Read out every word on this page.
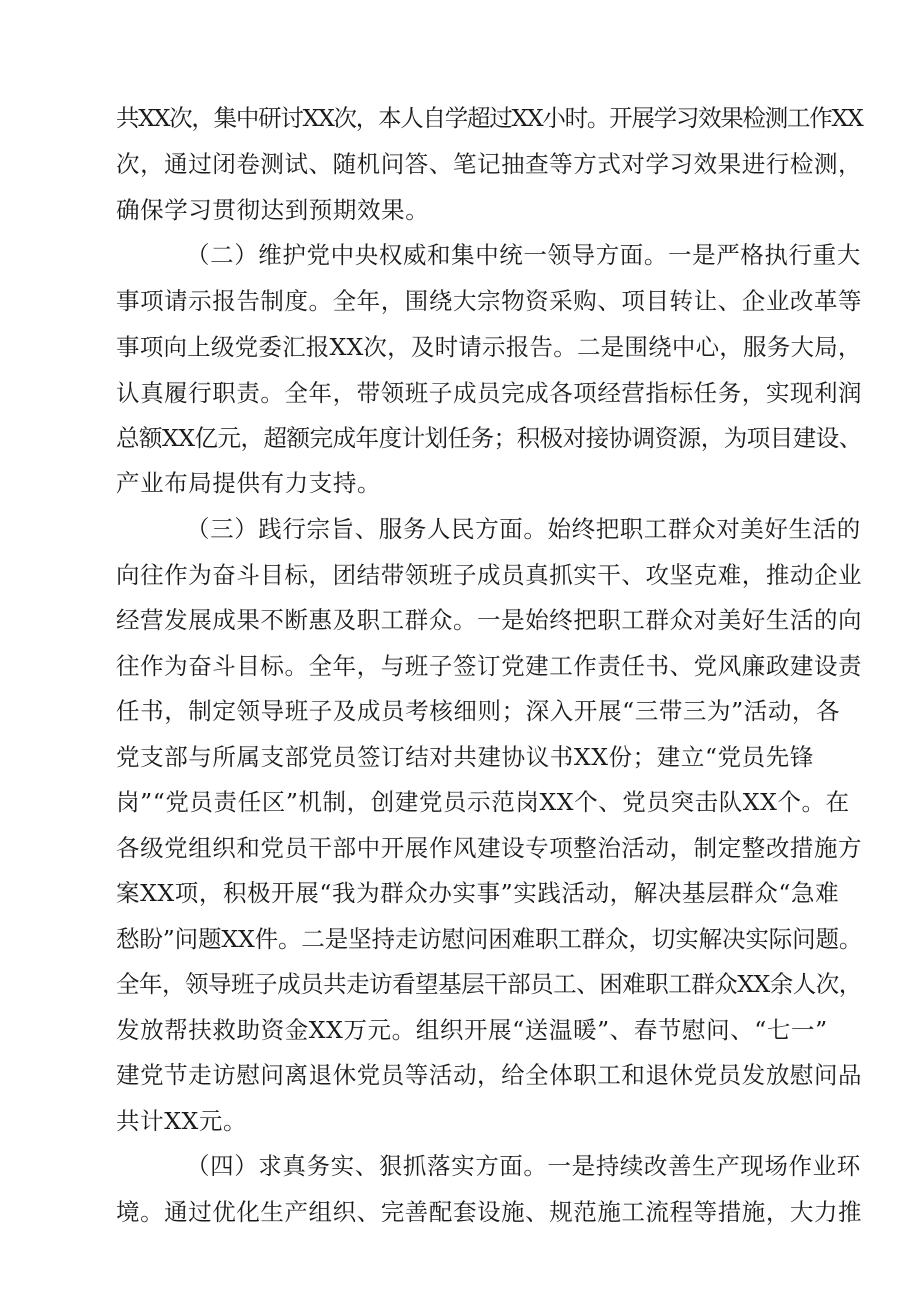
共XX次，集中研讨XX次，本人自学超过XX小时。开展学习效果检测工作XX
次，通过闭卷测试、随机问答、笔记抽查等方式对学习效果进行检测，
确保学习贯彻达到预期效果。
（二）维护党中央权威和集中统一领导方面。一是严格执行重大
事项请示报告制度。全年，围绕大宗物资采购、项目转让、企业改革等
事项向上级党委汇报XX次，及时请示报告。二是围绕中心，服务大局，
认真履行职责。全年，带领班子成员完成各项经营指标任务，实现利润
总额XX亿元，超额完成年度计划任务；积极对接协调资源，为项目建设、
产业布局提供有力支持。
（三）践行宗旨、服务人民方面。始终把职工群众对美好生活的
向往作为奋斗目标，团结带领班子成员真抓实干、攻坚克难，推动企业
经营发展成果不断惠及职工群众。一是始终把职工群众对美好生活的向
往作为奋斗目标。全年，与班子签订党建工作责任书、党风廉政建设责
任书，制定领导班子及成员考核细则；深入开展“三带三为”活动，各
党支部与所属支部党员签订结对共建协议书XX份；建立“党员先锋
岗”“党员责任区”机制，创建党员示范岗XX个、党员突击队XX个。在
各级党组织和党员干部中开展作风建设专项整治活动，制定整改措施方
案XX项，积极开展“我为群众办实事”实践活动，解决基层群众“急难
愁盼”问题XX件。二是坚持走访慰问困难职工群众，切实解决实际问题。
全年，领导班子成员共走访看望基层干部员工、困难职工群众XX余人次，
发放帮扶救助资金XX万元。组织开展“送温暖”、春节慰问、“七一”
建党节走访慰问离退休党员等活动，给全体职工和退休党员发放慰问品
共计XX元。
（四）求真务实、狠抓落实方面。一是持续改善生产现场作业环
境。通过优化生产组织、完善配套设施、规范施工流程等措施，大力推
